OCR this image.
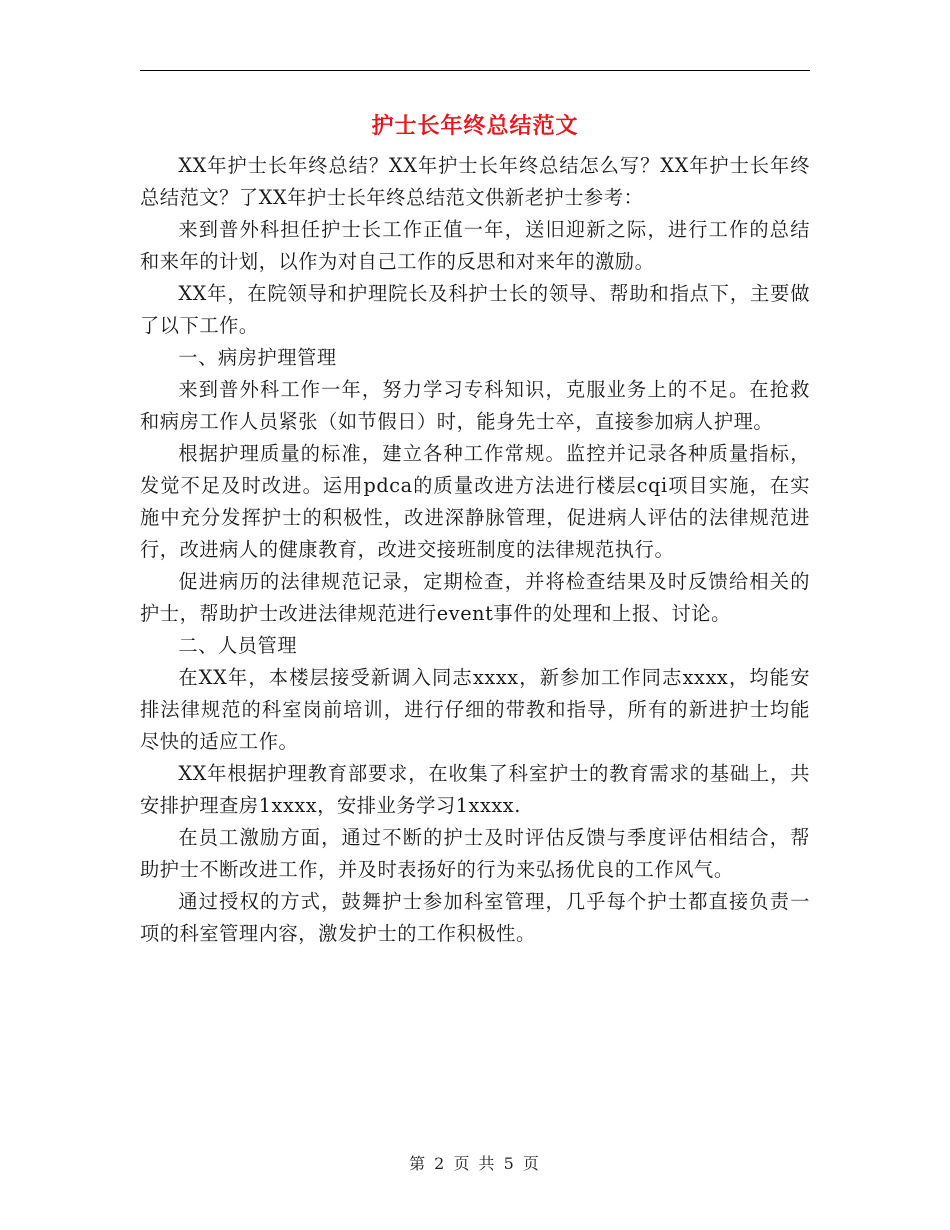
护士长年终总结范文

XX年护士长年终总结？XX年护士长年终总结怎么写？XX年护士长年终总结范文？了XX年护士长年终总结范文供新老护士参考：

来到普外科担任护士长工作正值一年，送旧迎新之际，进行工作的总结和来年的计划，以作为对自己工作的反思和对来年的激励。

XX年，在院领导和护理院长及科护士长的领导、帮助和指点下，主要做了以下工作。

一、病房护理管理

来到普外科工作一年，努力学习专科知识，克服业务上的不足。在抢救和病房工作人员紧张（如节假日）时，能身先士卒，直接参加病人护理。

根据护理质量的标准，建立各种工作常规。监控并记录各种质量指标，发觉不足及时改进。运用pdca的质量改进方法进行楼层cqi项目实施，在实施中充分发挥护士的积极性，改进深静脉管理，促进病人评估的法律规范进行，改进病人的健康教育，改进交接班制度的法律规范执行。

促进病历的法律规范记录，定期检查，并将检查结果及时反馈给相关的护士，帮助护士改进法律规范进行event事件的处理和上报、讨论。

二、人员管理

在XX年，本楼层接受新调入同志xxxx，新参加工作同志xxxx，均能安排法律规范的科室岗前培训，进行仔细的带教和指导，所有的新进护士均能尽快的适应工作。

XX年根据护理教育部要求，在收集了科室护士的教育需求的基础上，共安排护理查房1xxxx，安排业务学习1xxxx.

在员工激励方面，通过不断的护士及时评估反馈与季度评估相结合，帮助护士不断改进工作，并及时表扬好的行为来弘扬优良的工作风气。

通过授权的方式，鼓舞护士参加科室管理，几乎每个护士都直接负责一项的科室管理内容，激发护士的工作积极性。

第 2 页 共 5 页
